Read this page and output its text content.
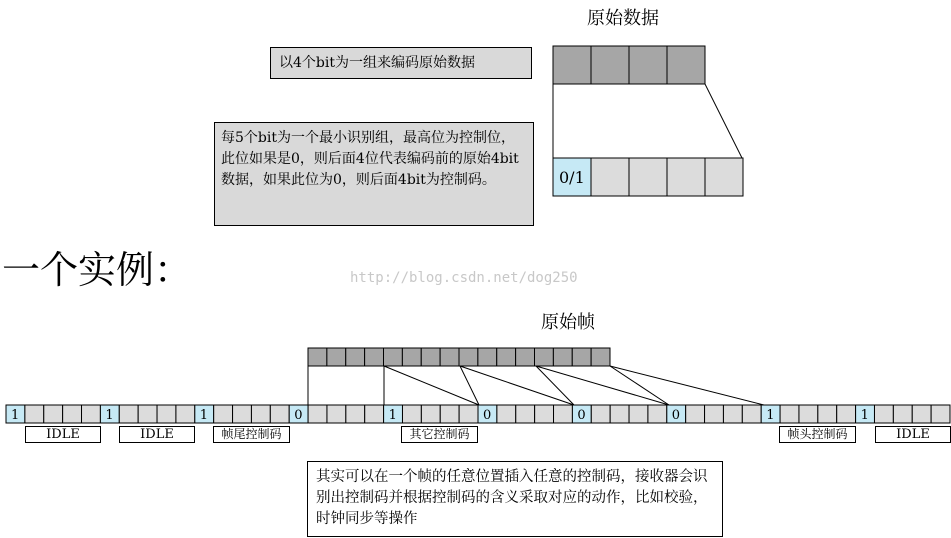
原始数据
以4个bit为一组来编码原始数据
每5个bit为一个最小识别组，最高位为控制位，此位如果是0，则后面4位代表编码前的原始4bit数据，如果此位为0，则后面4bit为控制码。
1	1	1	0	1	0	0	0	1	1
0/1
一个实例：	http://blog.csdn.net/dog250
原始帧
IDLE	IDLE	帧尾控制码	其它控制码	帧头控制码	IDLE
其实可以在一个帧的任意位置插入任意的控制码，接收器会识别出控制码并根据控制码的含义采取对应的动作，比如校验，时钟同步等操作
